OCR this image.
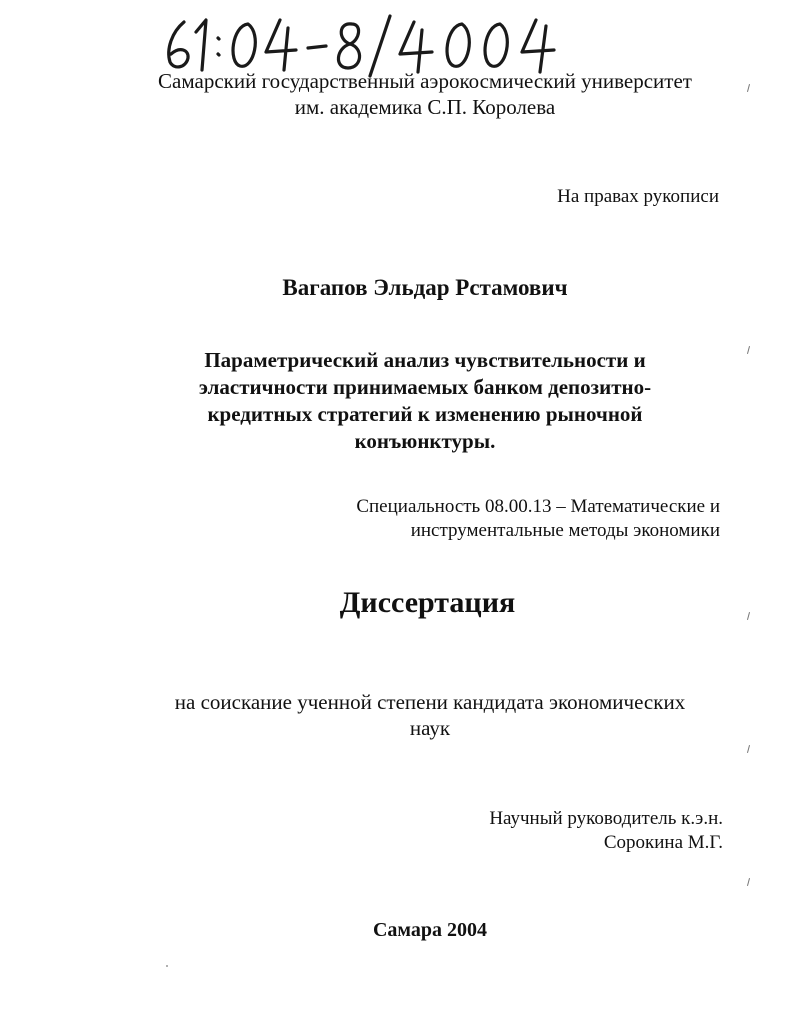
Самарский государственный аэрокосмический университет
им. академика С.П. Королева
На правах рукописи
Вагапов Эльдар Рстамович
Параметрический анализ чувствительности и
эластичности принимаемых банком депозитно-
кредитных стратегий к изменению рыночной
конъюнктуры.
Специальность 08.00.13 – Математические и
инструментальные методы экономики
Диссертация
на соискание ученной степени кандидата экономических
наук
Научный руководитель к.э.н.
Сорокина М.Г.
Самара 2004
